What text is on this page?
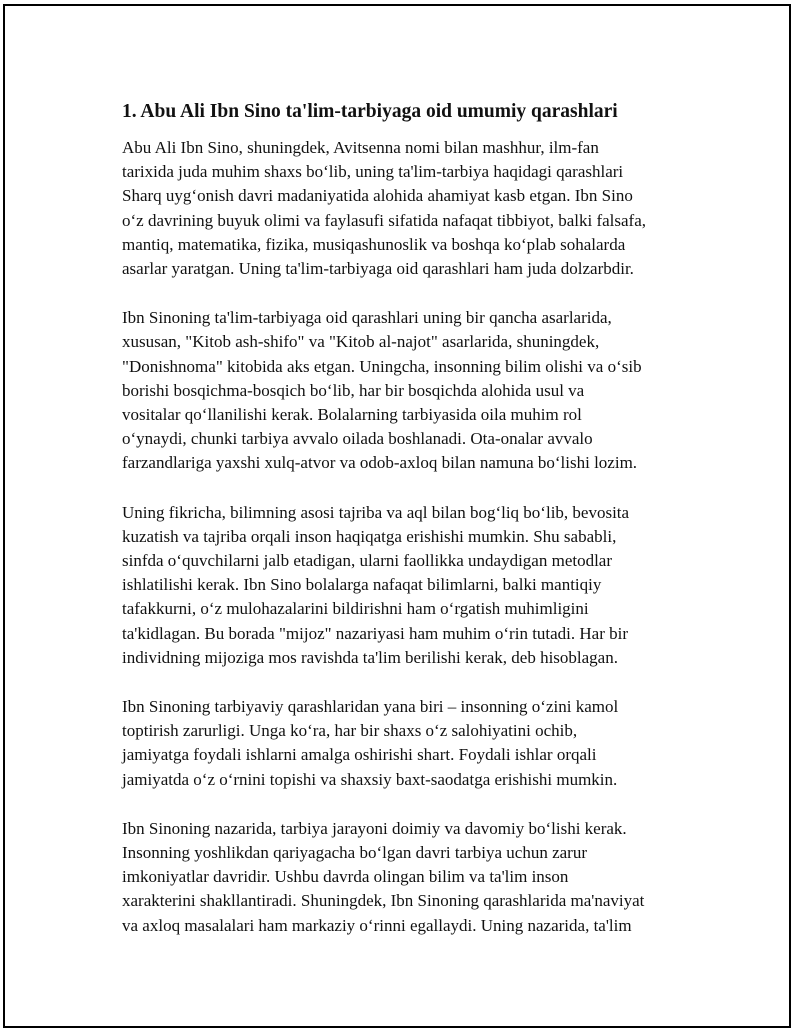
1. Abu Ali Ibn Sino ta'lim-tarbiyaga oid umumiy qarashlari

Abu Ali Ibn Sino, shuningdek, Avitsenna nomi bilan mashhur, ilm-fan
tarixida juda muhim shaxs bo‘lib, uning ta'lim-tarbiya haqidagi qarashlari
Sharq uyg‘onish davri madaniyatida alohida ahamiyat kasb etgan. Ibn Sino
o‘z davrining buyuk olimi va faylasufi sifatida nafaqat tibbiyot, balki falsafa,
mantiq, matematika, fizika, musiqashunoslik va boshqa ko‘plab sohalarda
asarlar yaratgan. Uning ta'lim-tarbiyaga oid qarashlari ham juda dolzarbdir.

Ibn Sinoning ta'lim-tarbiyaga oid qarashlari uning bir qancha asarlarida,
xususan, "Kitob ash-shifo" va "Kitob al-najot" asarlarida, shuningdek,
"Donishnoma" kitobida aks etgan. Uningcha, insonning bilim olishi va o‘sib
borishi bosqichma-bosqich bo‘lib, har bir bosqichda alohida usul va
vositalar qo‘llanilishi kerak. Bolalarning tarbiyasida oila muhim rol
o‘ynaydi, chunki tarbiya avvalo oilada boshlanadi. Ota-onalar avvalo
farzandlariga yaxshi xulq-atvor va odob-axloq bilan namuna bo‘lishi lozim.

Uning fikricha, bilimning asosi tajriba va aql bilan bog‘liq bo‘lib, bevosita
kuzatish va tajriba orqali inson haqiqatga erishishi mumkin. Shu sababli,
sinfda o‘quvchilarni jalb etadigan, ularni faollikka undaydigan metodlar
ishlatilishi kerak. Ibn Sino bolalarga nafaqat bilimlarni, balki mantiqiy
tafakkurni, o‘z mulohazalarini bildirishni ham o‘rgatish muhimligini
ta'kidlagan. Bu borada "mijoz" nazariyasi ham muhim o‘rin tutadi. Har bir
individning mijoziga mos ravishda ta'lim berilishi kerak, deb hisoblagan.

Ibn Sinoning tarbiyaviy qarashlaridan yana biri – insonning o‘zini kamol
toptirish zarurligi. Unga ko‘ra, har bir shaxs o‘z salohiyatini ochib,
jamiyatga foydali ishlarni amalga oshirishi shart. Foydali ishlar orqali
jamiyatda o‘z o‘rnini topishi va shaxsiy baxt-saodatga erishishi mumkin.

Ibn Sinoning nazarida, tarbiya jarayoni doimiy va davomiy bo‘lishi kerak.
Insonning yoshlikdan qariyagacha bo‘lgan davri tarbiya uchun zarur
imkoniyatlar davridir. Ushbu davrda olingan bilim va ta'lim inson
xarakterini shakllantiradi. Shuningdek, Ibn Sinoning qarashlarida ma'naviyat
va axloq masalalari ham markaziy o‘rinni egallaydi. Uning nazarida, ta'lim
